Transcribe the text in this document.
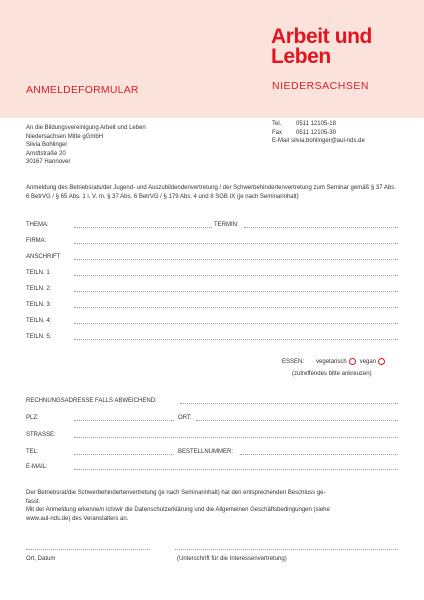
ANMELDEFORMULAR
Arbeit und
Leben
NIEDERSACHSEN
An die Bildungsvereinigung Arbeit und Leben
Niedersachsen Mitte gGmbH
Silvia Bohlinger
Arndtstraße 20
30167 Hannover
Tel.	0511 12105-18
Fax	0511 12105-30
E-Mail silvia.bohlinger@aul-nds.de
Anmeldung des Betriebsrats/der Jugend- und Auszubildendenvertretung / der Schwerbehindertenvertretung zum Seminar gemäß § 37 Abs. 6 BetrVG / § 65 Abs. 1 i. V. m. § 37 Abs. 6 BetrVG / § 179 Abs. 4 und 8 SGB IX (je nach Seminarinhalt)
THEMA:	TERMIN:
FIRMA:
ANSCHRIFT
TEILN. 1
TEILN. 2:
TEILN. 3:
TEILN. 4:
TEILN. 5:
ESSEN: vegetarisch vegan
(zutreffendes bitte ankreuzen)
RECHNUNGSADRESSE FALLS ABWEICHEND:
PLZ:	ORT:
STRASSE:
TEL:	BESTELLNUMMER:
E-MAIL:
Der Betriebsrat/die Schwerbehindertenvertretung (je nach Seminarinhalt) hat den entsprechenden Beschluss ge-
fasst.
Mit der Anmeldung erkenne/n ich/wir die Datenschutzerklärung und die Allgemeinen Geschäftsbedingungen (siehe
www.aul-nds.de) des Veranstalters an.
Ort, Datum	(Unterschrift für die Interessenvertretung)
